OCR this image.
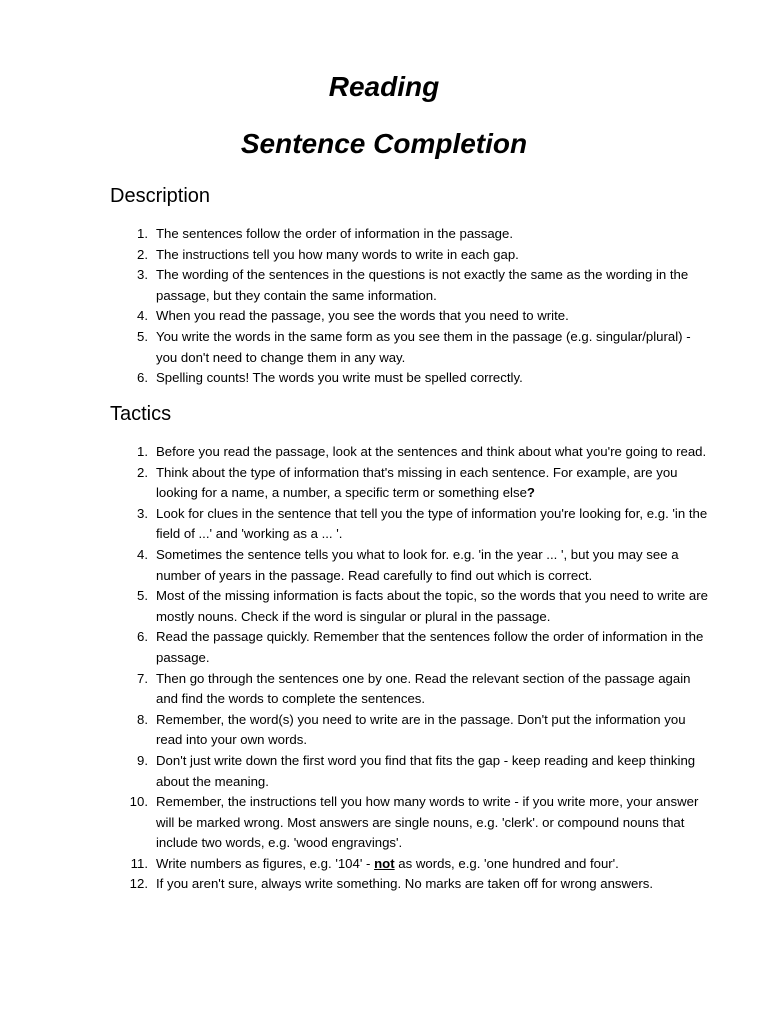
Reading
Sentence Completion
Description
1. The sentences follow the order of information in the passage.
2. The instructions tell you how many words to write in each gap.
3. The wording of the sentences in the questions is not exactly the same as the wording in the passage, but they contain the same information.
4. When you read the passage, you see the words that you need to write.
5. You write the words in the same form as you see them in the passage (e.g. singular/plural) - you don't need to change them in any way.
6. Spelling counts! The words you write must be spelled correctly.
Tactics
1. Before you read the passage, look at the sentences and think about what you're going to read.
2. Think about the type of information that's missing in each sentence. For example, are you looking for a name, a number, a specific term or something else?
3. Look for clues in the sentence that tell you the type of information you're looking for, e.g. 'in the field of ...' and 'working as a ... '.
4. Sometimes the sentence tells you what to look for. e.g. 'in the year ... ', but you may see a number of years in the passage. Read carefully to find out which is correct.
5. Most of the missing information is facts about the topic, so the words that you need to write are mostly nouns. Check if the word is singular or plural in the passage.
6. Read the passage quickly. Remember that the sentences follow the order of information in the passage.
7. Then go through the sentences one by one. Read the relevant section of the passage again and find the words to complete the sentences.
8. Remember, the word(s) you need to write are in the passage. Don't put the information you read into your own words.
9. Don't just write down the first word you find that fits the gap - keep reading and keep thinking about the meaning.
10. Remember, the instructions tell you how many words to write - if you write more, your answer will be marked wrong. Most answers are single nouns, e.g. 'clerk'. or compound nouns that include two words, e.g. 'wood engravings'.
11. Write numbers as figures, e.g. '104' - not as words, e.g. 'one hundred and four'.
12. If you aren't sure, always write something. No marks are taken off for wrong answers.
